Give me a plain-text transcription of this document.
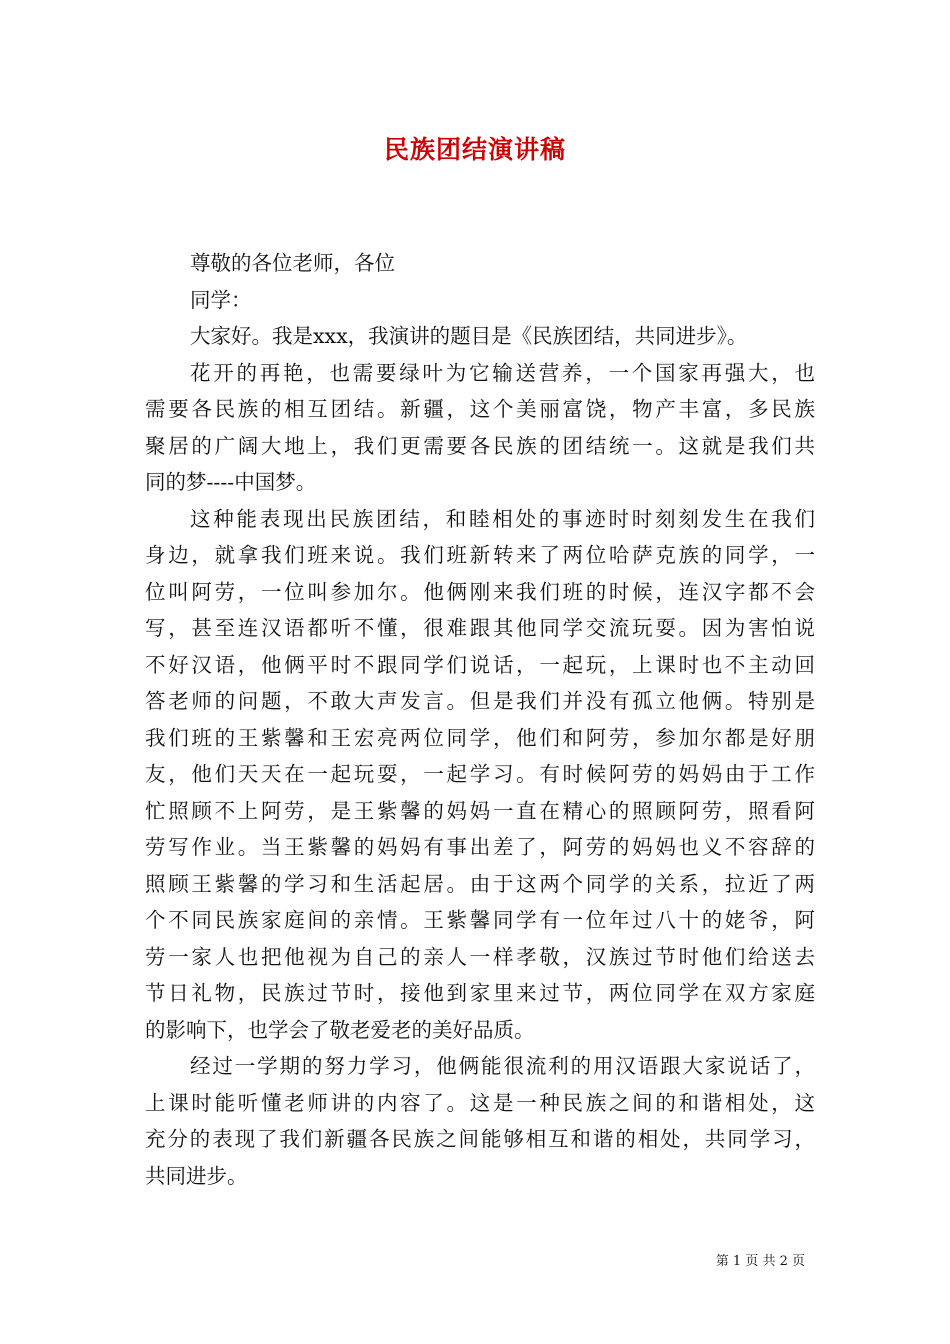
民族团结演讲稿

尊敬的各位老师，各位

同学：

大家好。我是xxx，我演讲的题目是《民族团结，共同进步》。

花开的再艳，也需要绿叶为它输送营养，一个国家再强大，也

需要各民族的相互团结。新疆，这个美丽富饶，物产丰富，多民族

聚居的广阔大地上，我们更需要各民族的团结统一。这就是我们共

同的梦----中国梦。

这种能表现出民族团结，和睦相处的事迹时时刻刻发生在我们

身边，就拿我们班来说。我们班新转来了两位哈萨克族的同学，一

位叫阿劳，一位叫参加尔。他俩刚来我们班的时候，连汉字都不会

写，甚至连汉语都听不懂，很难跟其他同学交流玩耍。因为害怕说

不好汉语，他俩平时不跟同学们说话，一起玩，上课时也不主动回

答老师的问题，不敢大声发言。但是我们并没有孤立他俩。特别是

我们班的王紫馨和王宏亮两位同学，他们和阿劳，参加尔都是好朋

友，他们天天在一起玩耍，一起学习。有时候阿劳的妈妈由于工作

忙照顾不上阿劳，是王紫馨的妈妈一直在精心的照顾阿劳，照看阿

劳写作业。当王紫馨的妈妈有事出差了，阿劳的妈妈也义不容辞的

照顾王紫馨的学习和生活起居。由于这两个同学的关系，拉近了两

个不同民族家庭间的亲情。王紫馨同学有一位年过八十的姥爷，阿

劳一家人也把他视为自己的亲人一样孝敬，汉族过节时他们给送去

节日礼物，民族过节时，接他到家里来过节，两位同学在双方家庭

的影响下，也学会了敬老爱老的美好品质。

经过一学期的努力学习，他俩能很流利的用汉语跟大家说话了，

上课时能听懂老师讲的内容了。这是一种民族之间的和谐相处，这

充分的表现了我们新疆各民族之间能够相互和谐的相处，共同学习，

共同进步。

第 1 页 共 2 页
